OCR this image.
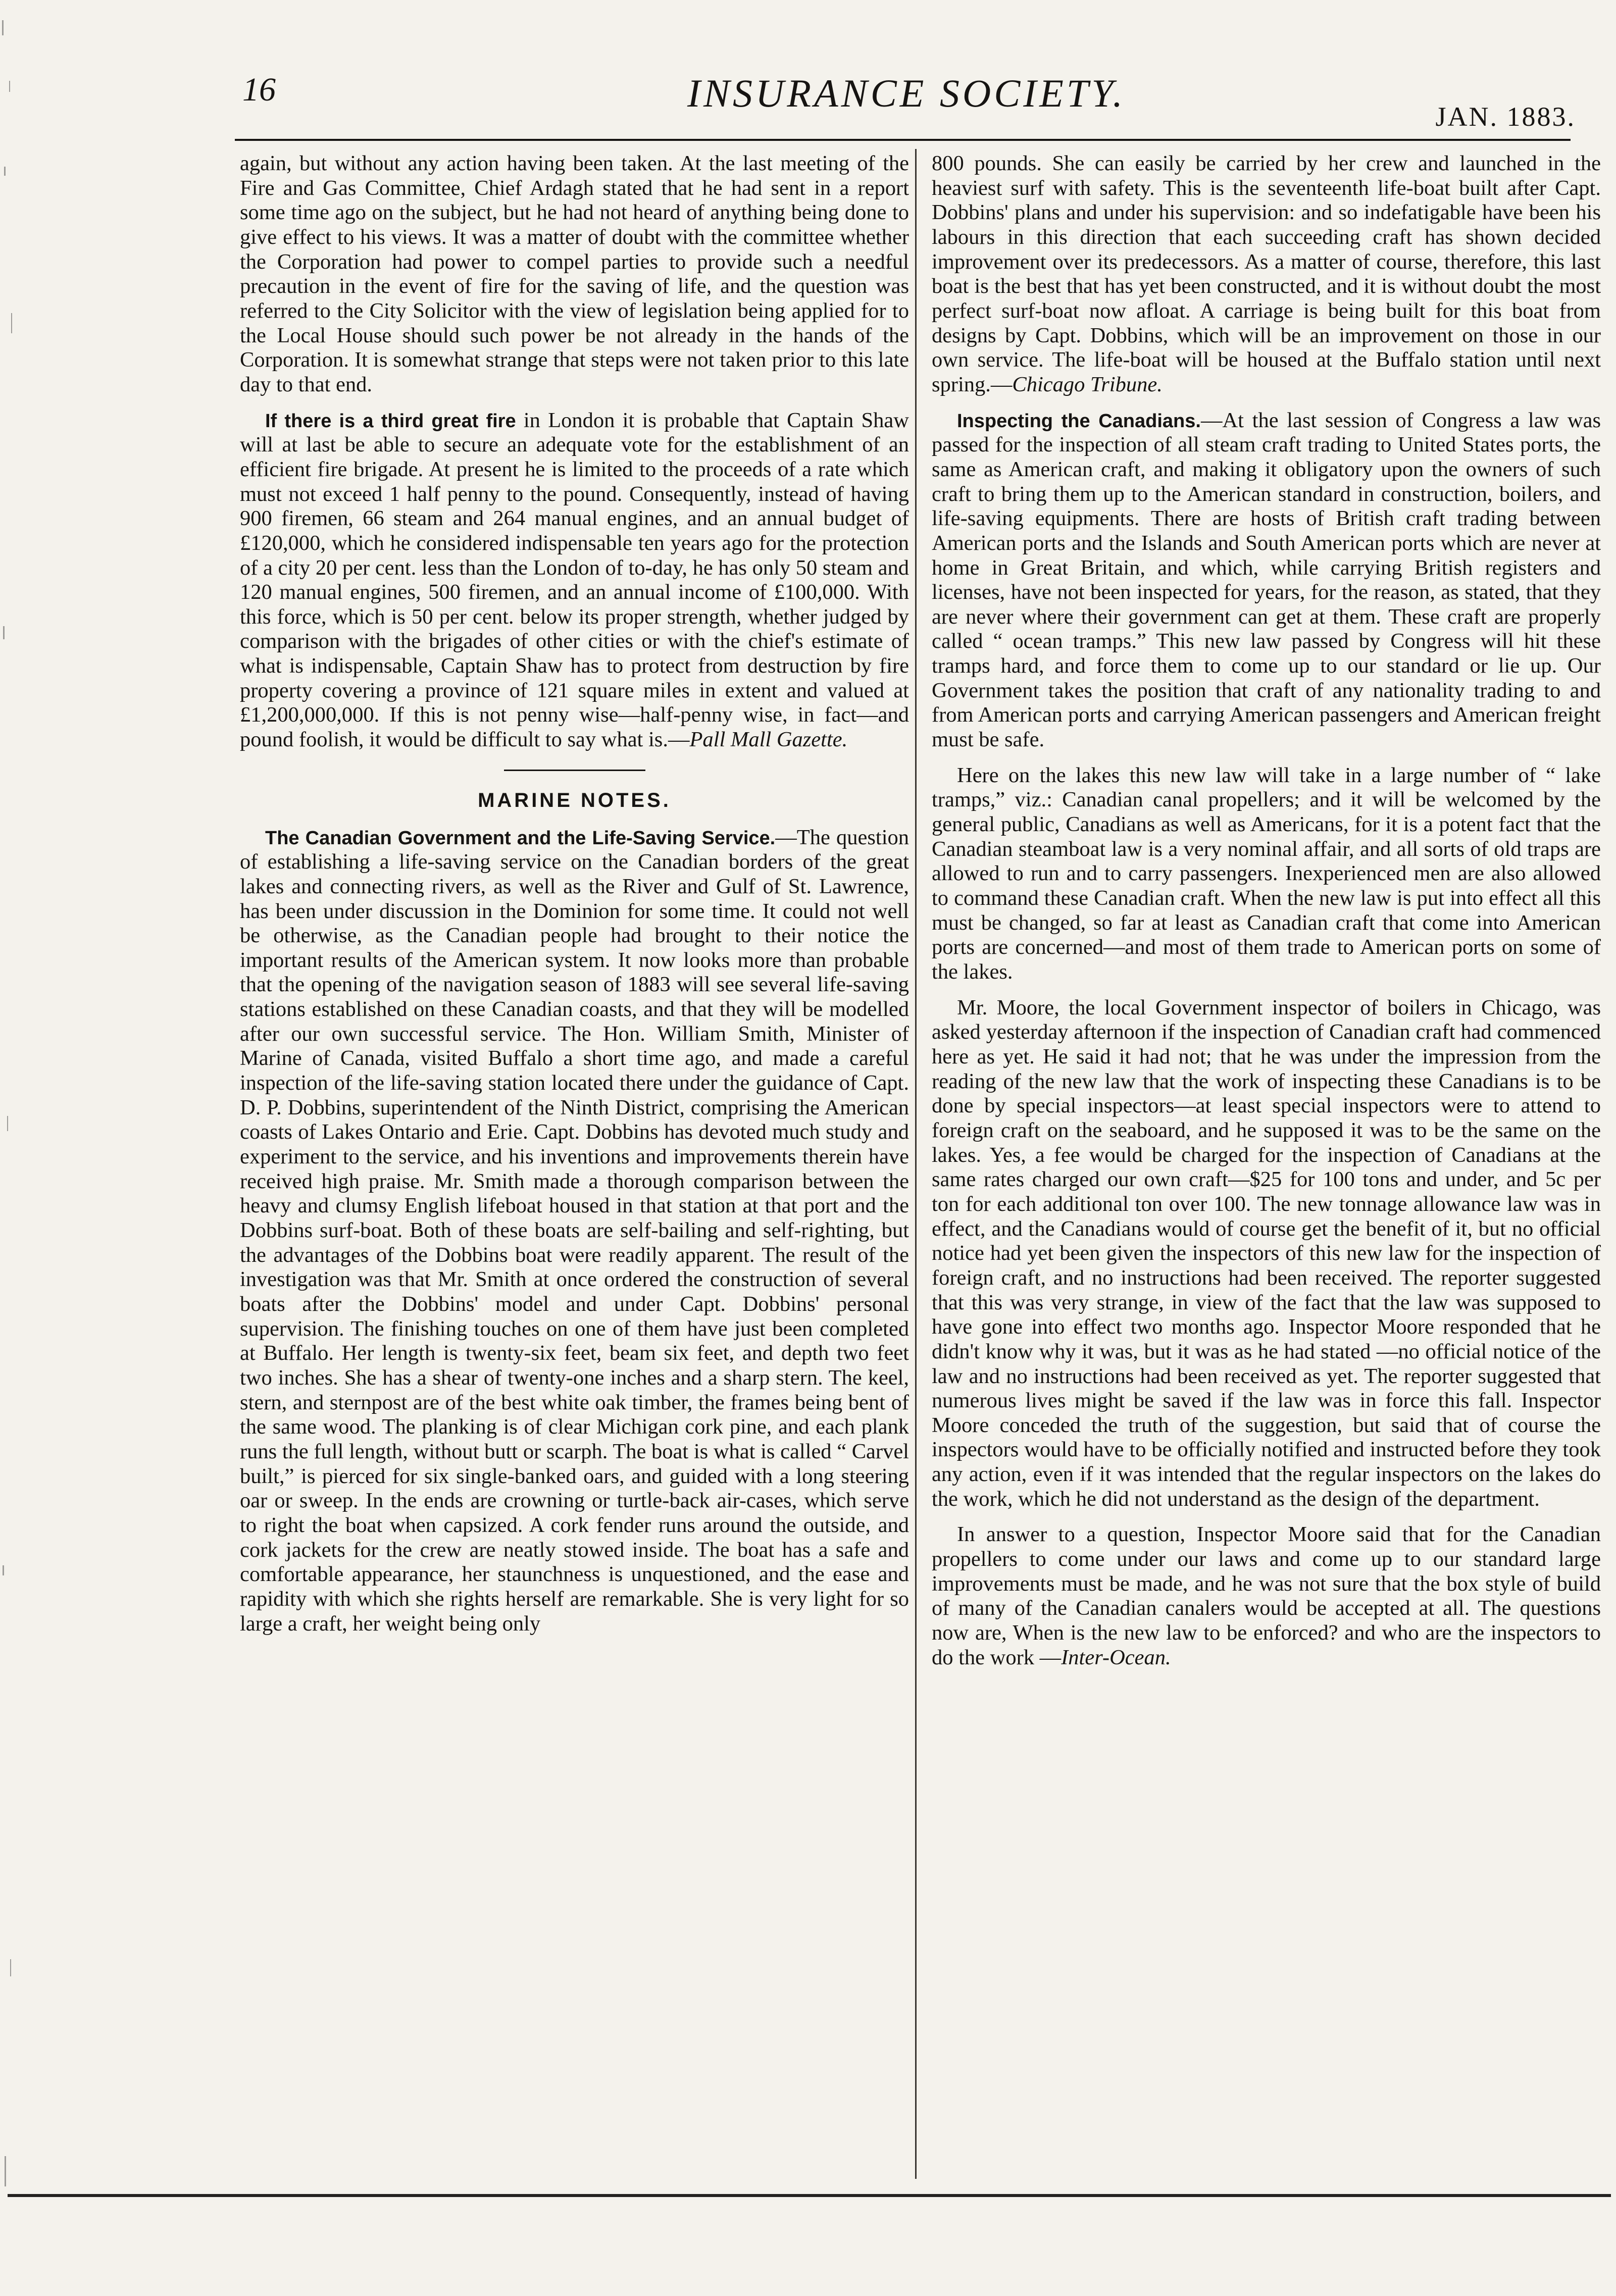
16	INSURANCE SOCIETY.
JAN. 1883.

again, but without any action having been taken. At the last meeting of the Fire and Gas Committee, Chief Ardagh stated that he had sent in a report some time ago on the subject, but he had not heard of anything being done to give effect to his views. It was a matter of doubt with the committee whether the Corporation had power to compel parties to provide such a needful precaution in the event of fire for the saving of life, and the question was referred to the City Solicitor with the view of legislation being applied for to the Local House should such power be not already in the hands of the Corporation. It is somewhat strange that steps were not taken prior to this late day to that end.

If there is a third great fire in London it is probable that Captain Shaw will at last be able to secure an adequate vote for the establishment of an efficient fire brigade. At present he is limited to the proceeds of a rate which must not exceed 1 half penny to the pound. Consequently, instead of having 900 firemen, 66 steam and 264 manual engines, and an annual budget of £120,000, which he considered indispensable ten years ago for the protection of a city 20 per cent. less than the London of to-day, he has only 50 steam and 120 manual engines, 500 firemen, and an annual income of £100,000. With this force, which is 50 per cent. below its proper strength, whether judged by comparison with the brigades of other cities or with the chief's estimate of what is indispensable, Captain Shaw has to protect from destruction by fire property covering a province of 121 square miles in extent and valued at £1,200,000,000. If this is not penny wise—half-penny wise, in fact—and pound foolish, it would be difficult to say what is.—Pall Mall Gazette.

MARINE NOTES.

The Canadian Government and the Life-Saving Service.—The question of establishing a life-saving service on the Canadian borders of the great lakes and connecting rivers, as well as the River and Gulf of St. Lawrence, has been under discussion in the Dominion for some time. It could not well be otherwise, as the Canadian people had brought to their notice the important results of the American system. It now looks more than probable that the opening of the navigation season of 1883 will see several life-saving stations established on these Canadian coasts, and that they will be modelled after our own successful service. The Hon. William Smith, Minister of Marine of Canada, visited Buffalo a short time ago, and made a careful inspection of the life-saving station located there under the guidance of Capt. D. P. Dobbins, superintendent of the Ninth District, comprising the American coasts of Lakes Ontario and Erie. Capt. Dobbins has devoted much study and experiment to the service, and his inventions and improvements therein have received high praise. Mr. Smith made a thorough comparison between the heavy and clumsy English lifeboat housed in that station at that port and the Dobbins surf-boat. Both of these boats are self-bailing and self-righting, but the advantages of the Dobbins boat were readily apparent. The result of the investigation was that Mr. Smith at once ordered the construction of several boats after the Dobbins' model and under Capt. Dobbins' personal supervision. The finishing touches on one of them have just been completed at Buffalo. Her length is twenty-six feet, beam six feet, and depth two feet two inches. She has a shear of twenty-one inches and a sharp stern. The keel, stern, and sternpost are of the best white oak timber, the frames being bent of the same wood. The planking is of clear Michigan cork pine, and each plank runs the full length, without butt or scarph. The boat is what is called “ Carvel built,” is pierced for six single-banked oars, and guided with a long steering oar or sweep. In the ends are crowning or turtle-back air-cases, which serve to right the boat when capsized. A cork fender runs around the outside, and cork jackets for the crew are neatly stowed inside. The boat has a safe and comfortable appearance, her staunchness is unquestioned, and the ease and rapidity with which she rights herself are remarkable. She is very light for so large a craft, her weight being only

800 pounds. She can easily be carried by her crew and launched in the heaviest surf with safety. This is the seventeenth life-boat built after Capt. Dobbins' plans and under his supervision: and so indefatigable have been his labours in this direction that each succeeding craft has shown decided improvement over its predecessors. As a matter of course, therefore, this last boat is the best that has yet been constructed, and it is without doubt the most perfect surf-boat now afloat. A carriage is being built for this boat from designs by Capt. Dobbins, which will be an improvement on those in our own service. The life-boat will be housed at the Buffalo station until next spring.—Chicago Tribune.

Inspecting the Canadians.—At the last session of Congress a law was passed for the inspection of all steam craft trading to United States ports, the same as American craft, and making it obligatory upon the owners of such craft to bring them up to the American standard in construction, boilers, and life-saving equipments. There are hosts of British craft trading between American ports and the Islands and South American ports which are never at home in Great Britain, and which, while carrying British registers and licenses, have not been inspected for years, for the reason, as stated, that they are never where their government can get at them. These craft are properly called “ ocean tramps.” This new law passed by Congress will hit these tramps hard, and force them to come up to our standard or lie up. Our Government takes the position that craft of any nationality trading to and from American ports and carrying American passengers and American freight must be safe.

Here on the lakes this new law will take in a large number of “ lake tramps,” viz.: Canadian canal propellers; and it will be welcomed by the general public, Canadians as well as Americans, for it is a potent fact that the Canadian steamboat law is a very nominal affair, and all sorts of old traps are allowed to run and to carry passengers. Inexperienced men are also allowed to command these Canadian craft. When the new law is put into effect all this must be changed, so far at least as Canadian craft that come into American ports are concerned—and most of them trade to American ports on some of the lakes.

Mr. Moore, the local Government inspector of boilers in Chicago, was asked yesterday afternoon if the inspection of Canadian craft had commenced here as yet. He said it had not; that he was under the impression from the reading of the new law that the work of inspecting these Canadians is to be done by special inspectors—at least special inspectors were to attend to foreign craft on the seaboard, and he supposed it was to be the same on the lakes. Yes, a fee would be charged for the inspection of Canadians at the same rates charged our own craft—$25 for 100 tons and under, and 5c per ton for each additional ton over 100. The new tonnage allowance law was in effect, and the Canadians would of course get the benefit of it, but no official notice had yet been given the inspectors of this new law for the inspection of foreign craft, and no instructions had been received. The reporter suggested that this was very strange, in view of the fact that the law was supposed to have gone into effect two months ago. Inspector Moore responded that he didn't know why it was, but it was as he had stated —no official notice of the law and no instructions had been received as yet. The reporter suggested that numerous lives might be saved if the law was in force this fall. Inspector Moore conceded the truth of the suggestion, but said that of course the inspectors would have to be officially notified and instructed before they took any action, even if it was intended that the regular inspectors on the lakes do the work, which he did not understand as the design of the department.

In answer to a question, Inspector Moore said that for the Canadian propellers to come under our laws and come up to our standard large improvements must be made, and he was not sure that the box style of build of many of the Canadian canalers would be accepted at all. The questions now are, When is the new law to be enforced? and who are the inspectors to do the work —Inter-Ocean.
